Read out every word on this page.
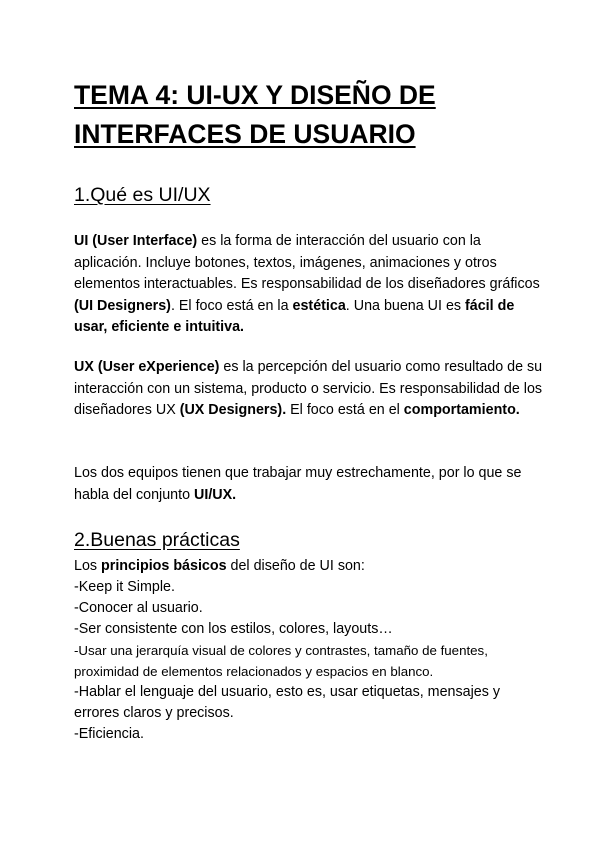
TEMA 4: UI-UX Y DISEÑO DE
INTERFACES DE USUARIO
1.Qué es UI/UX

UI (User Interface) es la forma de interacción del usuario con la aplicación. Incluye botones, textos, imágenes, animaciones y otros elementos interactuables. Es responsabilidad de los diseñadores gráficos (UI Designers). El foco está en la estética. Una buena UI es fácil de usar, eficiente e intuitiva.

UX (User eXperience) es la percepción del usuario como resultado de su interacción con un sistema, producto o servicio. Es responsabilidad de los diseñadores UX (UX Designers). El foco está en el comportamiento.

Los dos equipos tienen que trabajar muy estrechamente, por lo que se habla del conjunto UI/UX.

2.Buenas prácticas
Los principios básicos del diseño de UI son:
-Keep it Simple.
-Conocer al usuario.
-Ser consistente con los estilos, colores, layouts…
-Usar una jerarquía visual de colores y contrastes, tamaño de fuentes, proximidad de elementos relacionados y espacios en blanco.
-Hablar el lenguaje del usuario, esto es, usar etiquetas, mensajes y errores claros y precisos.
-Eficiencia.
